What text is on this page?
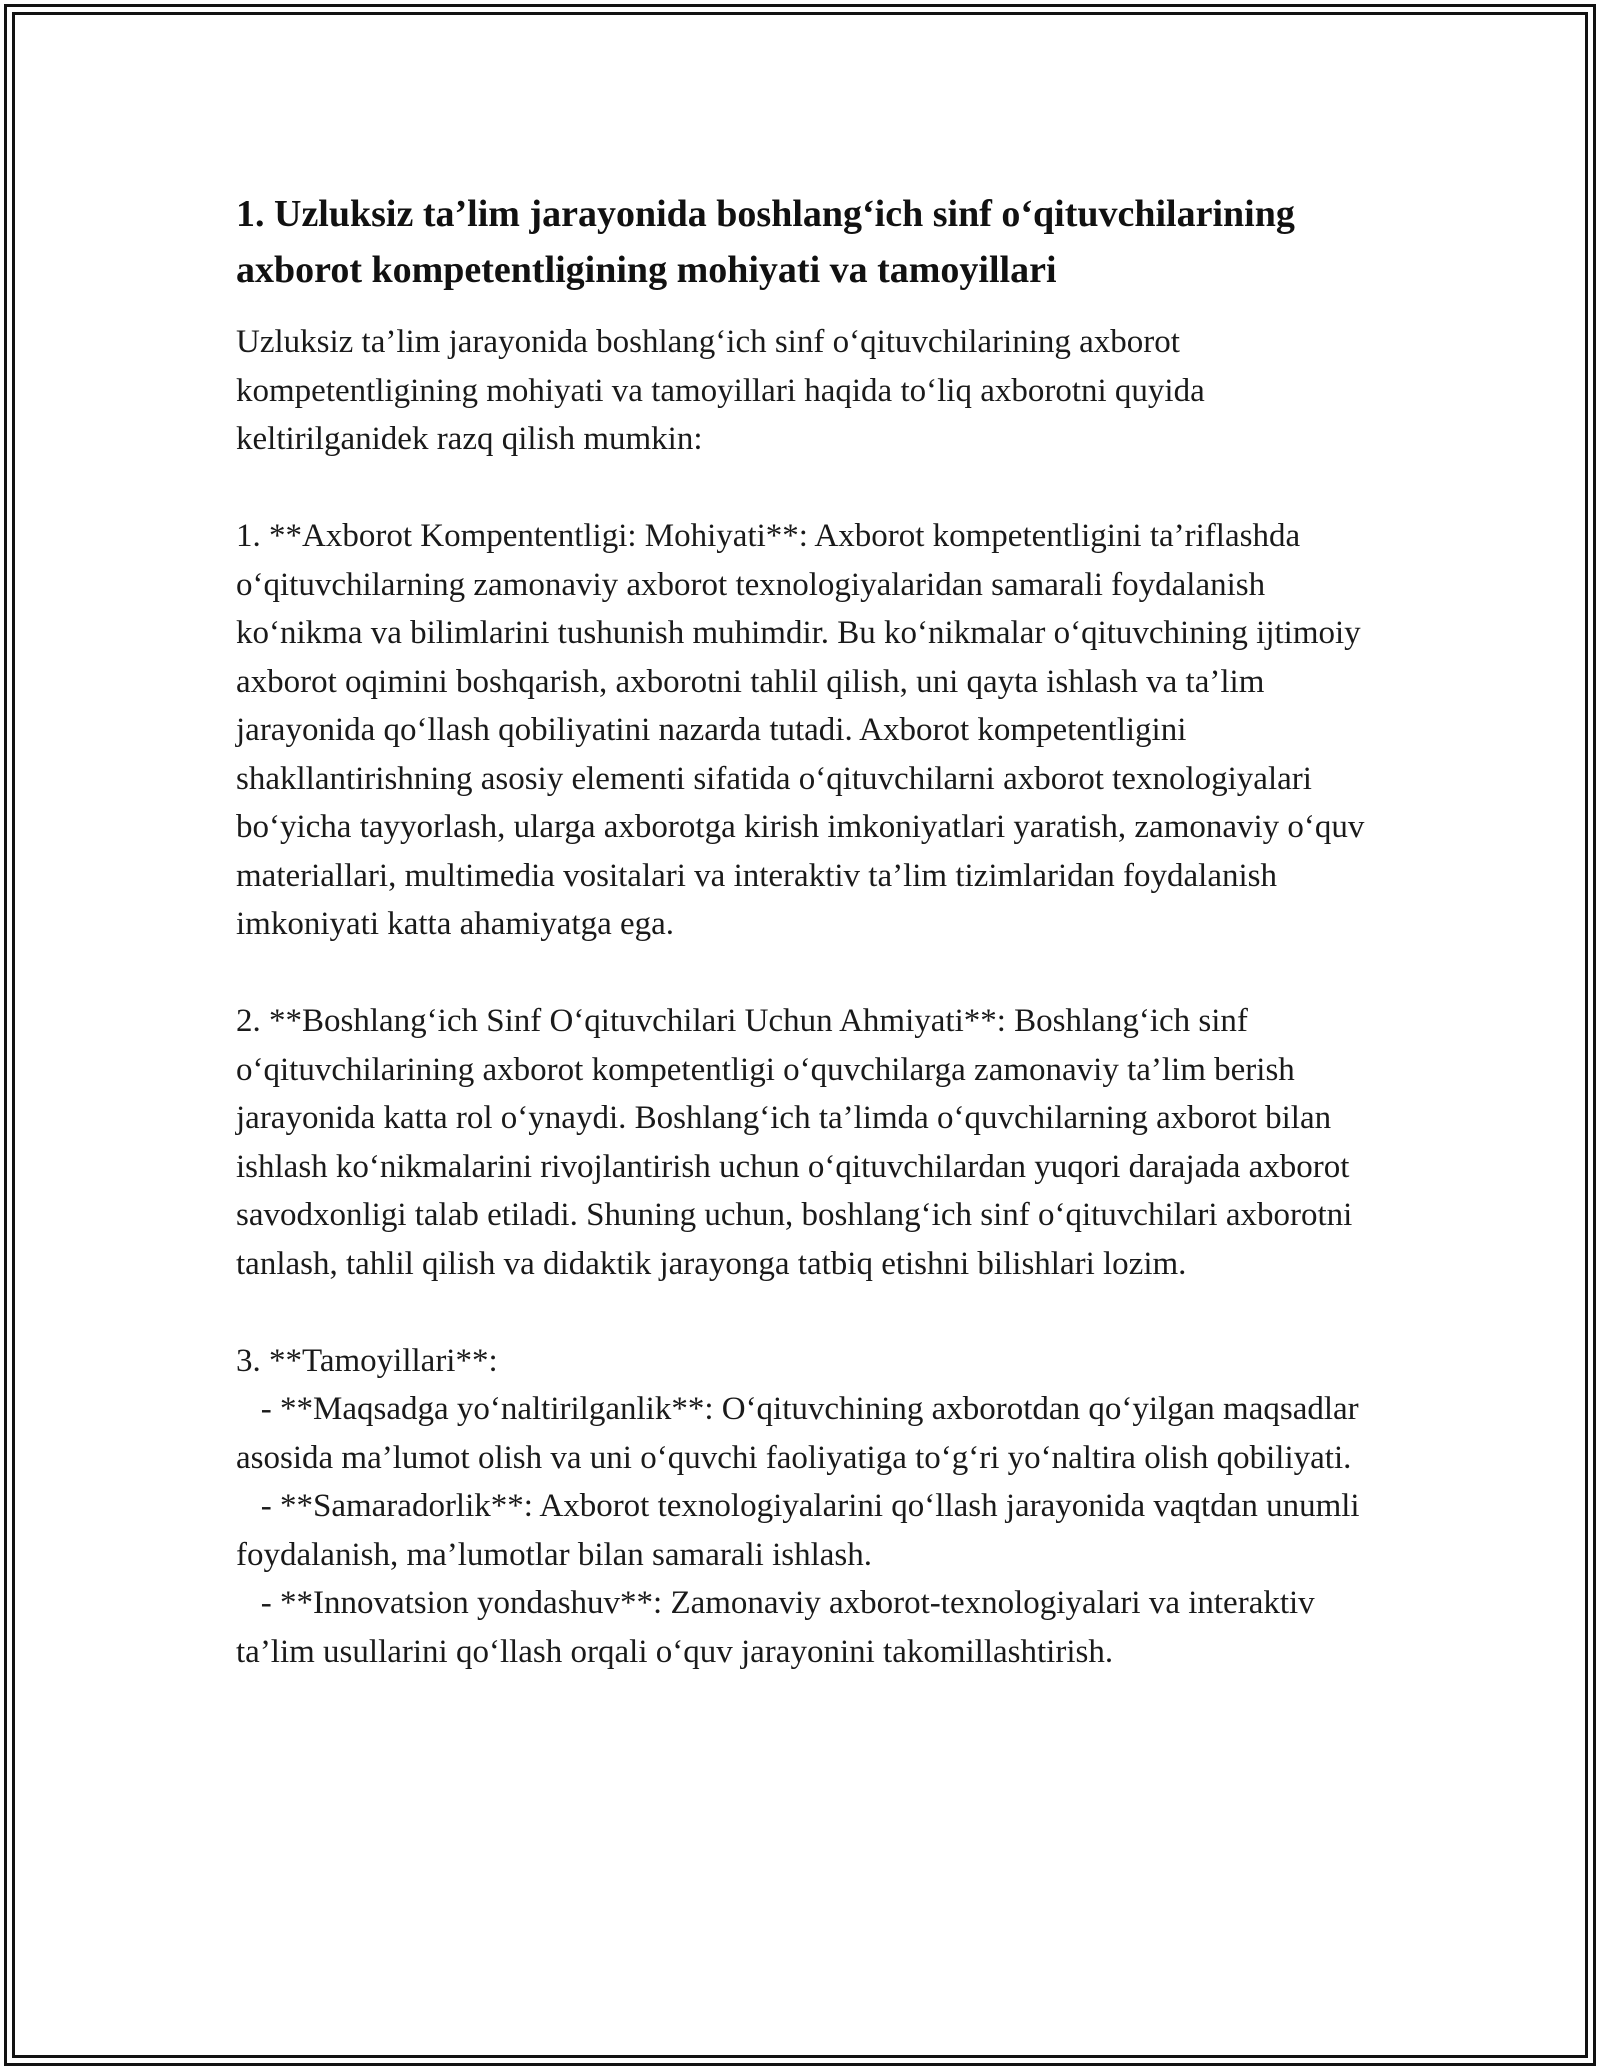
1. Uzluksiz ta’lim jarayonida boshlang‘ich sinf o‘qituvchilarining axborot kompetentligining mohiyati va tamoyillari

Uzluksiz ta’lim jarayonida boshlang‘ich sinf o‘qituvchilarining axborot kompetentligining mohiyati va tamoyillari haqida to‘liq axborotni quyida keltirilganidek razq qilish mumkin:

1. **Axborot Kompententligi: Mohiyati**: Axborot kompetentligini ta’riflashda o‘qituvchilarning zamonaviy axborot texnologiyalaridan samarali foydalanish ko‘nikma va bilimlarini tushunish muhimdir. Bu ko‘nikmalar o‘qituvchining ijtimoiy axborot oqimini boshqarish, axborotni tahlil qilish, uni qayta ishlash va ta’lim jarayonida qo‘llash qobiliyatini nazarda tutadi. Axborot kompetentligini shakllantirishning asosiy elementi sifatida o‘qituvchilarni axborot texnologiyalari bo‘yicha tayyorlash, ularga axborotga kirish imkoniyatlari yaratish, zamonaviy o‘quv materiallari, multimedia vositalari va interaktiv ta’lim tizimlaridan foydalanish imkoniyati katta ahamiyatga ega.

2. **Boshlang‘ich Sinf O‘qituvchilari Uchun Ahmiyati**: Boshlang‘ich sinf o‘qituvchilarining axborot kompetentligi o‘quvchilarga zamonaviy ta’lim berish jarayonida katta rol o‘ynaydi. Boshlang‘ich ta’limda o‘quvchilarning axborot bilan ishlash ko‘nikmalarini rivojlantirish uchun o‘qituvchilardan yuqori darajada axborot savodxonligi talab etiladi. Shuning uchun, boshlang‘ich sinf o‘qituvchilari axborotni tanlash, tahlil qilish va didaktik jarayonga tatbiq etishni bilishlari lozim.

3. **Tamoyillari**:

- **Maqsadga yo‘naltirilganlik**: O‘qituvchining axborotdan qo‘yilgan maqsadlar asosida ma’lumot olish va uni o‘quvchi faoliyatiga to‘g‘ri yo‘naltira olish qobiliyati.

- **Samaradorlik**: Axborot texnologiyalarini qo‘llash jarayonida vaqtdan unumli foydalanish, ma’lumotlar bilan samarali ishlash.

- **Innovatsion yondashuv**: Zamonaviy axborot-texnologiyalari va interaktiv ta’lim usullarini qo‘llash orqali o‘quv jarayonini takomillashtirish.
